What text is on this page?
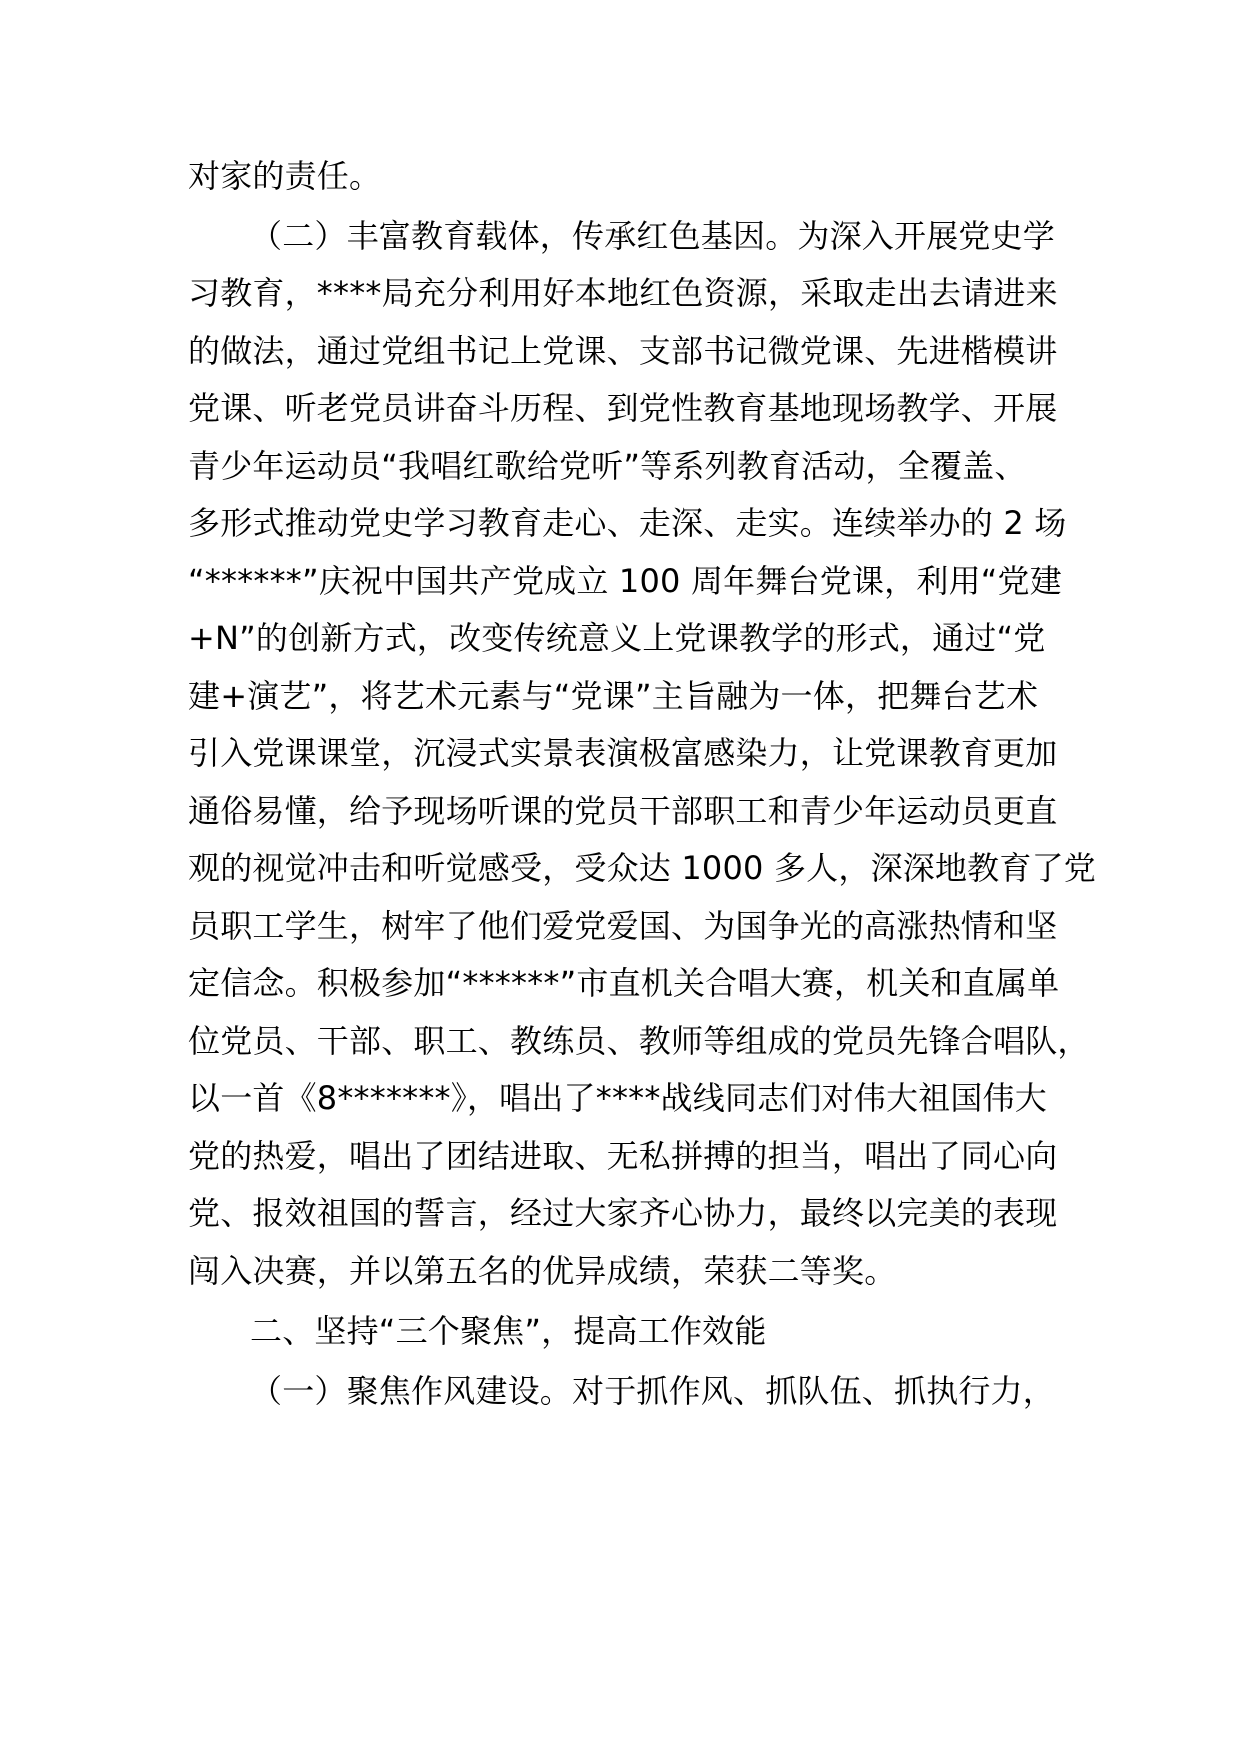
对家的责任。
（二）丰富教育载体，传承红色基因。为深入开展党史学
习教育，****局充分利用好本地红色资源，采取走出去请进来
的做法，通过党组书记上党课、支部书记微党课、先进楷模讲
党课、听老党员讲奋斗历程、到党性教育基地现场教学、开展
青少年运动员“我唱红歌给党听”等系列教育活动，全覆盖、
多形式推动党史学习教育走心、走深、走实。连续举办的 2 场
“******”庆祝中国共产党成立 100 周年舞台党课，利用“党建
+N”的创新方式，改变传统意义上党课教学的形式，通过“党
建+演艺”，将艺术元素与“党课”主旨融为一体，把舞台艺术
引入党课课堂，沉浸式实景表演极富感染力，让党课教育更加
通俗易懂，给予现场听课的党员干部职工和青少年运动员更直
观的视觉冲击和听觉感受，受众达 1000 多人，深深地教育了党
员职工学生，树牢了他们爱党爱国、为国争光的高涨热情和坚
定信念。积极参加“******”市直机关合唱大赛，机关和直属单
位党员、干部、职工、教练员、教师等组成的党员先锋合唱队，
以一首《8*******》，唱出了****战线同志们对伟大祖国伟大
党的热爱，唱出了团结进取、无私拼搏的担当，唱出了同心向
党、报效祖国的誓言，经过大家齐心协力，最终以完美的表现
闯入决赛，并以第五名的优异成绩，荣获二等奖。
二、坚持“三个聚焦”，提高工作效能
（一）聚焦作风建设。对于抓作风、抓队伍、抓执行力，
